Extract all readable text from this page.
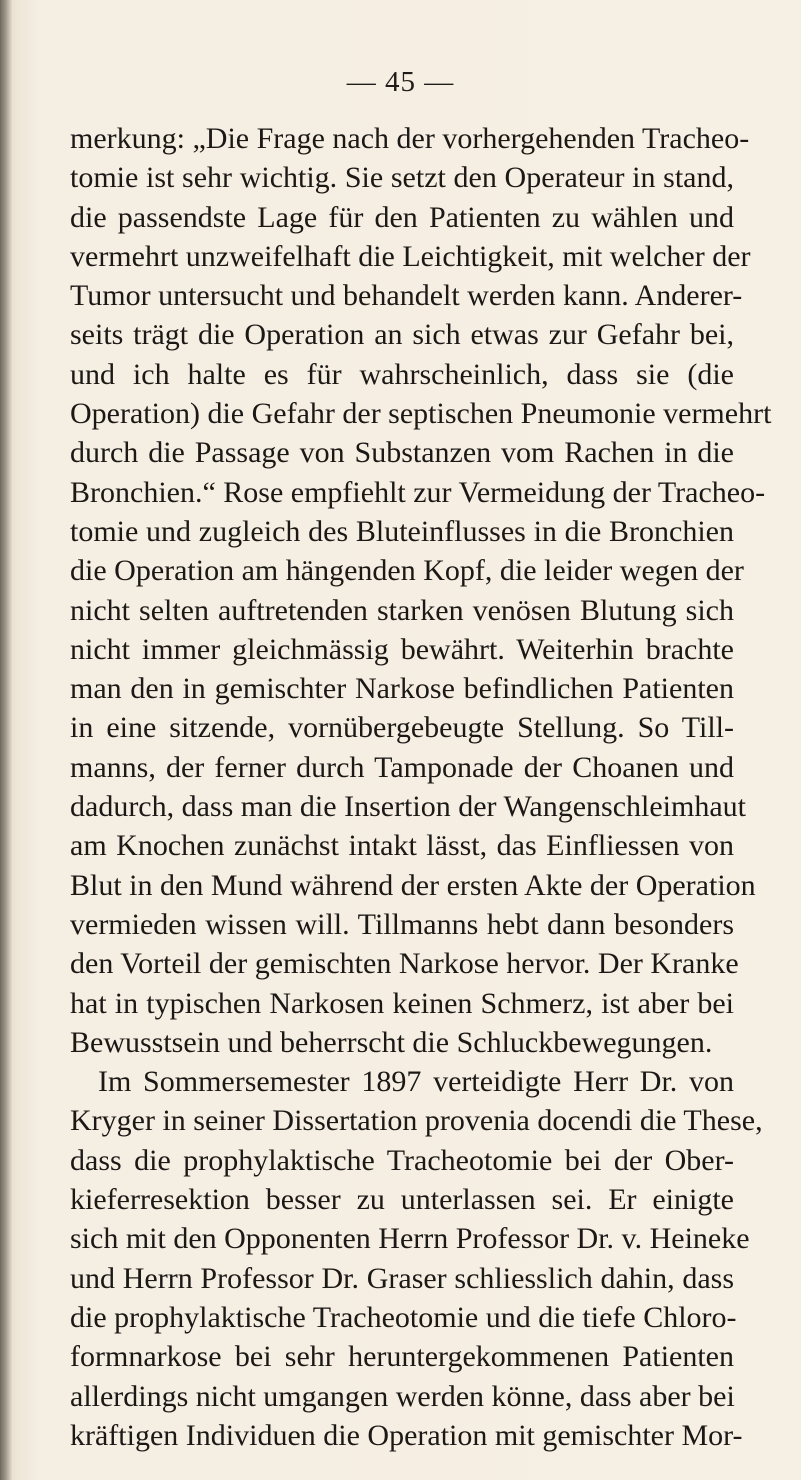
— 45 —
merkung: „Die Frage nach der vorhergehenden Tracheo-
tomie ist sehr wichtig. Sie setzt den Operateur in stand,
die passendste Lage für den Patienten zu wählen und
vermehrt unzweifelhaft die Leichtigkeit, mit welcher der
Tumor untersucht und behandelt werden kann. Anderer-
seits trägt die Operation an sich etwas zur Gefahr bei,
und ich halte es für wahrscheinlich, dass sie (die
Operation) die Gefahr der septischen Pneumonie vermehrt
durch die Passage von Substanzen vom Rachen in die
Bronchien.“ Rose empfiehlt zur Vermeidung der Tracheo-
tomie und zugleich des Bluteinflusses in die Bronchien
die Operation am hängenden Kopf, die leider wegen der
nicht selten auftretenden starken venösen Blutung sich
nicht immer gleichmässig bewährt. Weiterhin brachte
man den in gemischter Narkose befindlichen Patienten
in eine sitzende, vornübergebeugte Stellung. So Till-
manns, der ferner durch Tamponade der Choanen und
dadurch, dass man die Insertion der Wangenschleimhaut
am Knochen zunächst intakt lässt, das Einfliessen von
Blut in den Mund während der ersten Akte der Operation
vermieden wissen will. Tillmanns hebt dann besonders
den Vorteil der gemischten Narkose hervor. Der Kranke
hat in typischen Narkosen keinen Schmerz, ist aber bei
Bewusstsein und beherrscht die Schluckbewegungen.
Im Sommersemester 1897 verteidigte Herr Dr. von
Kryger in seiner Dissertation provenia docendi die These,
dass die prophylaktische Tracheotomie bei der Ober-
kieferresektion besser zu unterlassen sei. Er einigte
sich mit den Opponenten Herrn Professor Dr. v. Heineke
und Herrn Professor Dr. Graser schliesslich dahin, dass
die prophylaktische Tracheotomie und die tiefe Chloro-
formnarkose bei sehr heruntergekommenen Patienten
allerdings nicht umgangen werden könne, dass aber bei
kräftigen Individuen die Operation mit gemischter Mor-
